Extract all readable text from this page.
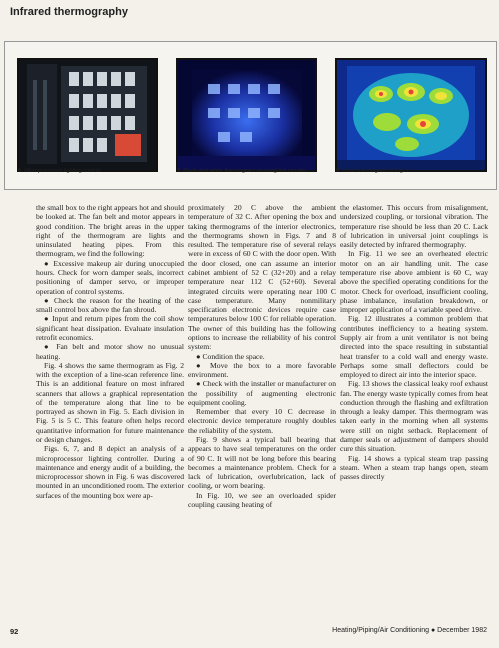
Infrared thermography
6 Microprocessor lighting control.	7 Black-and-white thermogram showing hot circuits.	8 Color thermogram of Fig. 7.

the small box to the right appears hot and should be looked at. The fan belt and motor appears in good condition. The bright areas in the upper right of the thermogram are lights and uninsulated heating pipes. From this thermogram, we find the following:

● Excessive makeup air during unoccupied hours. Check for worn damper seals, incorrect positioning of damper servo, or improper operation of control systems.

● Check the reason for the heating of the small control box above the fan shroud.

● Input and return pipes from the coil show significant heat dissipation. Evaluate insulation retrofit economics.

● Fan belt and motor show no unusual heating.

Fig. 4 shows the same thermogram as Fig. 2 with the exception of a line-scan reference line. This is an additional feature on most infrared scanners that allows a graphical representation of the temperature along that line to be portrayed as shown in Fig. 5. Each division in Fig. 5 is 5 C. This feature often helps record quantitative information for future maintenance or design changes.

Figs. 6, 7, and 8 depict an analysis of a microprocessor lighting controller. During a maintenance and energy audit of a building, the microprocessor shown in Fig. 6 was discovered mounted in an unconditioned room. The exterior surfaces of the mounting box were ap-

proximately 20 C above the ambient temperature of 32 C. After opening the box and taking thermograms of the interior electronics, the thermograms shown in Figs. 7 and 8 resulted. The temperature rise of several relays were in excess of 60 C with the door open. With the door closed, one can assume an interior cabinet ambient of 52 C (32+20) and a relay temperature near 112 C (52+60). Several integrated circuits were operating near 100 C case temperature. Many nonmilitary specification electronic devices require case temperatures below 100 C for reliable operation. The owner of this building has the following options to increase the reliability of his control system:

● Condition the space.

● Move the box to a more favorable environment.

● Check with the installer or manufacturer on the possibility of augmenting electronic equipment cooling.

Remember that every 10 C decrease in electronic device temperature roughly doubles the reliability of the system.

Fig. 9 shows a typical ball bearing that appears to have seal temperatures on the order of 90 C. It will not be long before this bearing becomes a maintenance problem. Check for a lack of lubrication, overlubrication, lack of cooling, or worn bearing.

In Fig. 10, we see an overloaded spider coupling causing heating of

the elastomer. This occurs from misalignment, undersized coupling, or torsional vibration. The temperature rise should be less than 20 C. Lack of lubrication in universal joint couplings is easily detected by infrared thermography.

In Fig. 11 we see an overheated electric motor on an air handling unit. The case temperature rise above ambient is 60 C, way above the specified operating conditions for the motor. Check for overload, insufficient cooling, phase imbalance, insulation breakdown, or improper application of a variable speed drive.

Fig. 12 illustrates a common problem that contributes inefficiency to a heating system. Supply air from a unit ventilator is not being directed into the space resulting in substantial heat transfer to a cold wall and energy waste. Perhaps some small deflectors could be employed to direct air into the interior space.

Fig. 13 shows the classical leaky roof exhaust fan. The energy waste typically comes from heat conduction through the flashing and exfiltration through a leaky damper. This thermogram was taken early in the morning when all systems were still on night setback. Replacement of damper seals or adjustment of dampers should cure this situation.

Fig. 14 shows a typical steam trap passing steam. When a steam trap hangs open, steam passes directly

92	Heating/Piping/Air Conditioning ● December 1982
